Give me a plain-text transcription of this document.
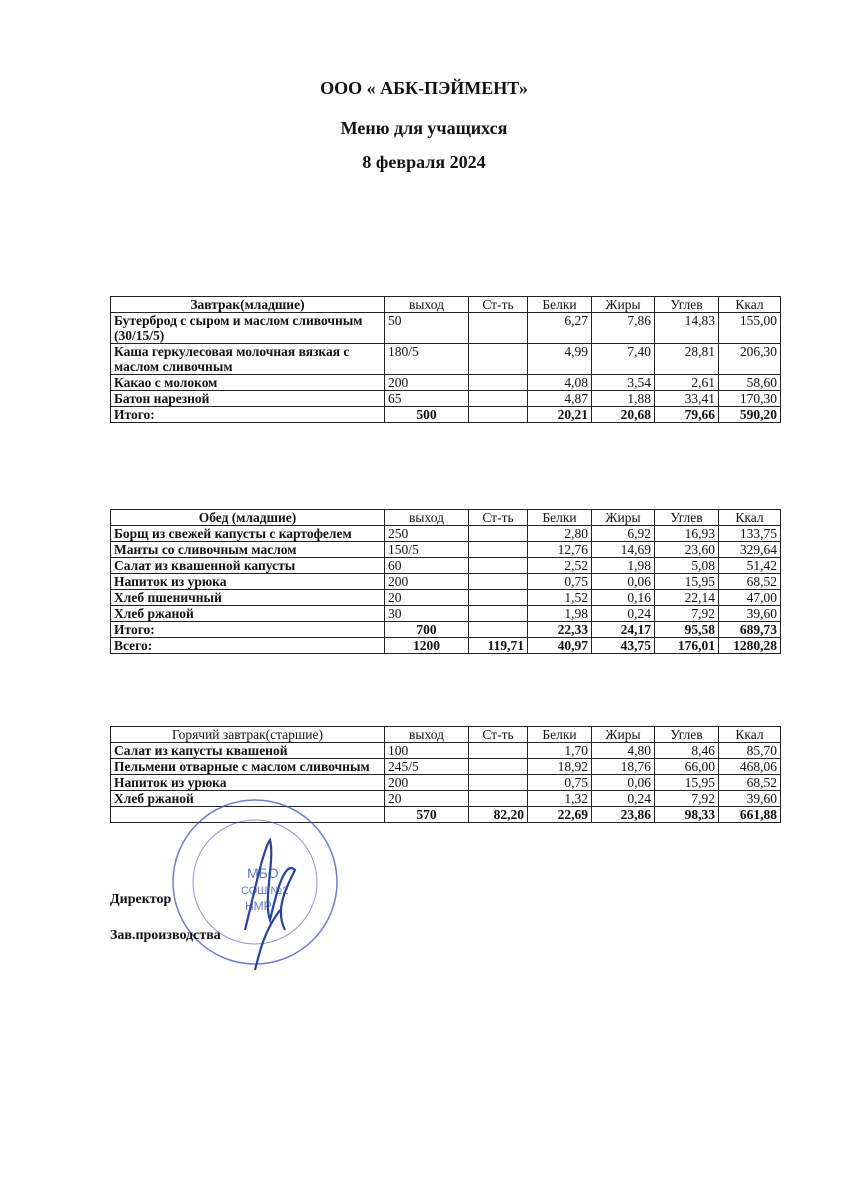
ООО « АБК-ПЭЙМЕНТ»
Меню для учащихся
8 февраля 2024
Завтрак(младшие)	выход	Ст-ть	Белки	Жиры	Углев	Ккал
Бутерброд с сыром и маслом сливочным (30/15/5)	50		6,27	7,86	14,83	155,00
Каша геркулесовая молочная вязкая с маслом сливочным	180/5		4,99	7,40	28,81	206,30
Какао с молоком	200		4,08	3,54	2,61	58,60
Батон нарезной	65		4,87	1,88	33,41	170,30
Итого:	500		20,21	20,68	79,66	590,20
Обед (младшие)	выход	Ст-ть	Белки	Жиры	Углев	Ккал
Борщ из свежей капусты с картофелем	250		2,80	6,92	16,93	133,75
Манты со сливочным маслом	150/5		12,76	14,69	23,60	329,64
Салат из квашенной капусты	60		2,52	1,98	5,08	51,42
Напиток из урюка	200		0,75	0,06	15,95	68,52
Хлеб пшеничный	20		1,52	0,16	22,14	47,00
Хлеб ржаной	30		1,98	0,24	7,92	39,60
Итого:	700		22,33	24,17	95,58	689,73
Всего:	1200	119,71	40,97	43,75	176,01	1280,28
Горячий завтрак(старшие)	выход	Ст-ть	Белки	Жиры	Углев	Ккал
Салат из капусты квашеной	100		1,70	4,80	8,46	85,70
Пельмени отварные с маслом сливочным	245/5		18,92	18,76	66,00	468,06
Напиток из урюка	200		0,75	0,06	15,95	68,52
Хлеб ржаной	20		1,32	0,24	7,92	39,60
	570	82,20	22,69	23,86	98,33	661,88
МБО
СОШ №2
НМР
Директор
Зав.производства
